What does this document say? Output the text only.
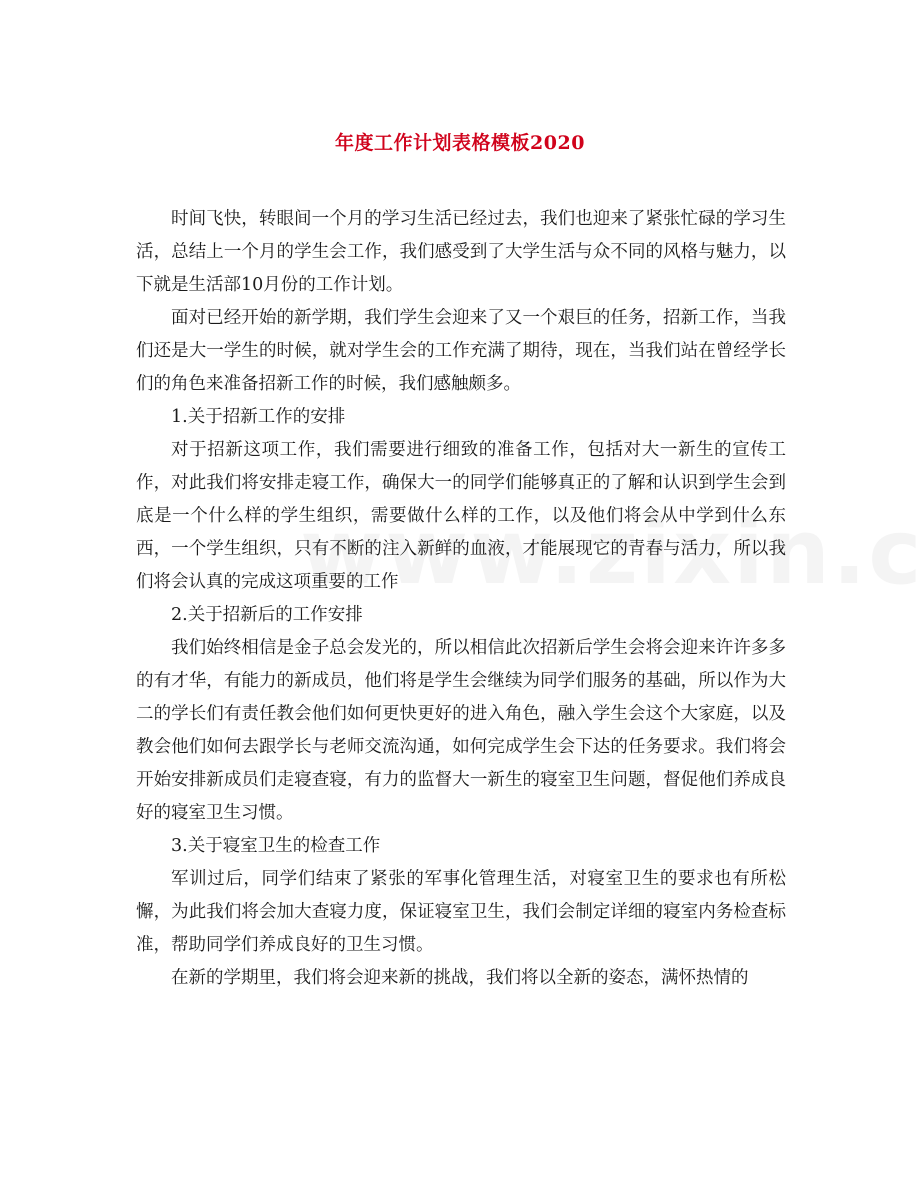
年度工作计划表格模板2020

时间飞快，转眼间一个月的学习生活已经过去，我们也迎来了紧张忙碌的学习生活，总结上一个月的学生会工作，我们感受到了大学生活与众不同的风格与魅力，以下就是生活部10月份的工作计划。

面对已经开始的新学期，我们学生会迎来了又一个艰巨的任务，招新工作，当我们还是大一学生的时候，就对学生会的工作充满了期待，现在，当我们站在曾经学长们的角色来准备招新工作的时候，我们感触颇多。

1.关于招新工作的安排

对于招新这项工作，我们需要进行细致的准备工作，包括对大一新生的宣传工作，对此我们将安排走寝工作，确保大一的同学们能够真正的了解和认识到学生会到底是一个什么样的学生组织，需要做什么样的工作，以及他们将会从中学到什么东西，一个学生组织，只有不断的注入新鲜的血液，才能展现它的青春与活力，所以我们将会认真的完成这项重要的工作

2.关于招新后的工作安排

我们始终相信是金子总会发光的，所以相信此次招新后学生会将会迎来许许多多的有才华，有能力的新成员，他们将是学生会继续为同学们服务的基础，所以作为大二的学长们有责任教会他们如何更快更好的进入角色，融入学生会这个大家庭，以及教会他们如何去跟学长与老师交流沟通，如何完成学生会下达的任务要求。我们将会开始安排新成员们走寝查寝，有力的监督大一新生的寝室卫生问题，督促他们养成良好的寝室卫生习惯。

3.关于寝室卫生的检查工作

军训过后，同学们结束了紧张的军事化管理生活，对寝室卫生的要求也有所松懈，为此我们将会加大查寝力度，保证寝室卫生，我们会制定详细的寝室内务检查标准，帮助同学们养成良好的卫生习惯。

在新的学期里，我们将会迎来新的挑战，我们将以全新的姿态，满怀热情的
